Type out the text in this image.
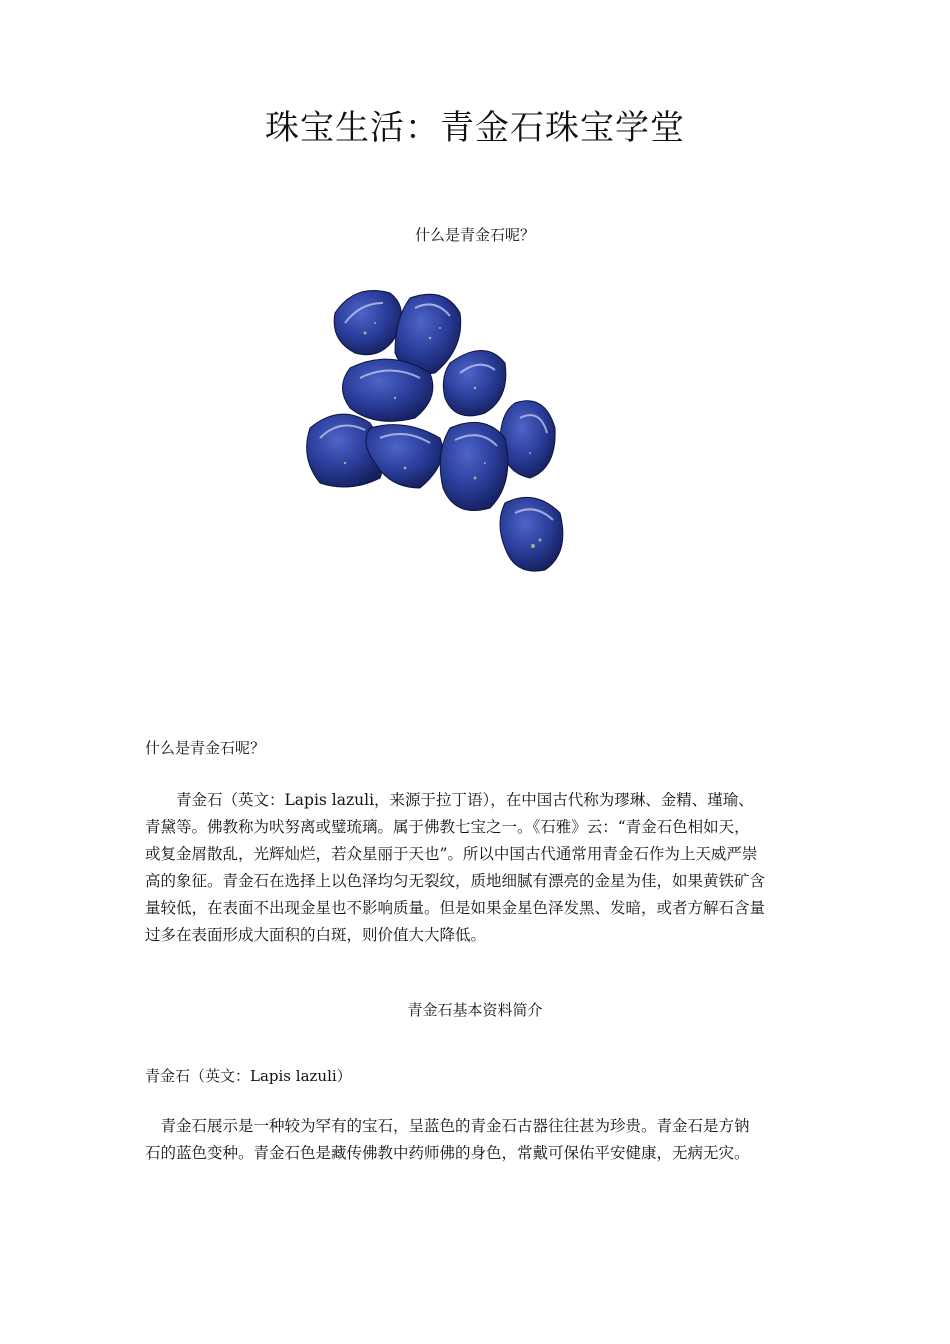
珠宝生活：青金石珠宝学堂
什么是青金石呢？
什么是青金石呢？
　　青金石（英文：Lapis lazuli，来源于拉丁语），在中国古代称为璆琳、金精、瑾瑜、
青黛等。佛教称为吠努离或璧琉璃。属于佛教七宝之一。《石雅》云：“青金石色相如天，
或复金屑散乱，光辉灿烂，若众星丽于天也”。所以中国古代通常用青金石作为上天威严崇
高的象征。青金石在选择上以色泽均匀无裂纹，质地细腻有漂亮的金星为佳，如果黄铁矿含
量较低，在表面不出现金星也不影响质量。但是如果金星色泽发黑、发暗，或者方解石含量
过多在表面形成大面积的白斑，则价值大大降低。
青金石基本资料简介
青金石（英文：Lapis lazuli）
　青金石展示是一种较为罕有的宝石，呈蓝色的青金石古器往往甚为珍贵。青金石是方钠
石的蓝色变种。青金石色是藏传佛教中药师佛的身色，常戴可保佑平安健康，无病无灾。
